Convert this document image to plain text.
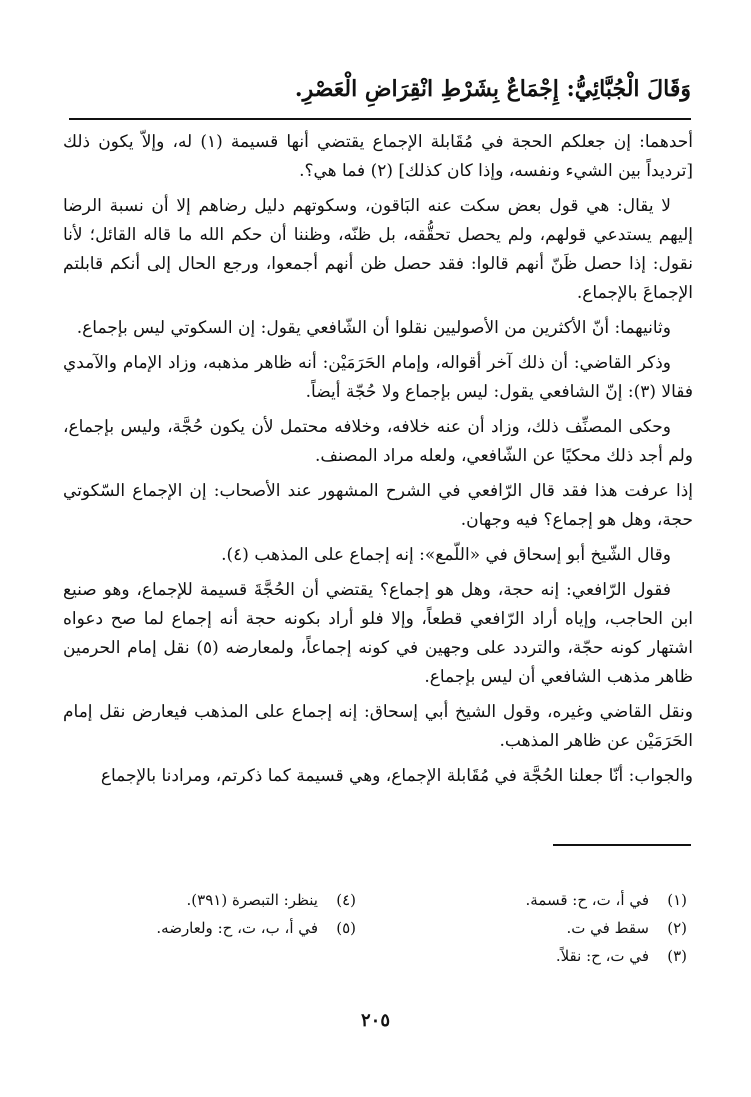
وَقَالَ الْجُبَّائِيُّ: إِجْمَاعٌ بِشَرْطِ انْقِرَاضِ الْعَصْرِ.

أحدهما: إن جعلكم الحجة في مُقَابلة الإجماع يقتضي أنها قسيمة (١) له، وإلاّ يكون ذلك [ترديداً بين الشيء ونفسه، وإذا كان كذلك] (٢) فما هي؟.

لا يقال: هي قول بعض سكت عنه البَاقون، وسكوتهم دليل رضاهم إلا أن نسبة الرضا إليهم يستدعي قولهم، ولم يحصل تحقُّقه، بل ظنّه، وظننا أن حكم الله ما قاله القائل؛ لأنا نقول: إذا حصل ظَنّ أنهم قالوا: فقد حصل ظن أنهم أجمعوا، ورجع الحال إلى أنكم قابلتم الإجماعَ بالإجماع.

وثانيهما: أنّ الأكثرين من الأصوليين نقلوا أن الشّافعي يقول: إن السكوتي ليس بإجماع.

وذكر القاضي: أن ذلك آخر أقواله، وإمام الحَرَمَيْن: أنه ظاهر مذهبه، وزاد الإمام والآمدي فقالا (٣): إنّ الشافعي يقول: ليس بإجماع ولا حُجّة أيضاً.

وحكى المصنِّف ذلك، وزاد أن عنه خلافه، وخلافه محتمل لأن يكون حُجَّة، وليس بإجماع، ولم أجد ذلك محكيًا عن الشّافعي، ولعله مراد المصنف.

إذا عرفت هذا فقد قال الرّافعي في الشرح المشهور عند الأصحاب: إن الإجماع السّكوتي حجة، وهل هو إجماع؟ فيه وجهان.

وقال الشّيخ أبو إسحاق في «اللّمع»: إنه إجماع على المذهب (٤).

فقول الرّافعي: إنه حجة، وهل هو إجماع؟ يقتضي أن الحُجَّةَ قسيمة للإجماع، وهو صنيع ابن الحاجب، وإياه أراد الرّافعي قطعاً، وإلا فلو أراد بكونه حجة أنه إجماع لما صح دعواه اشتهار كونه حجّة، والتردد على وجهين في كونه إجماعاً، ولمعارضه (٥) نقل إمام الحرمين ظاهر مذهب الشافعي أن ليس بإجماع.

ونقل القاضي وغيره، وقول الشيخ أبي إسحاق: إنه إجماع على المذهب فيعارض نقل إمام الحَرَمَيْن عن ظاهر المذهب.

والجواب: أنّا جعلنا الحُجَّة في مُقَابلة الإجماع، وهي قسيمة كما ذكرتم، ومرادنا بالإجماع

(١)
في أ، ت، ح: قسمة.
(٢)
سقط في ت.
(٣)
في ت، ح: نقلاً.
(٤)
ينظر: التبصرة (٣٩١).
(٥)
في أ، ب، ت، ح: ولعارضه.
٢٠٥
